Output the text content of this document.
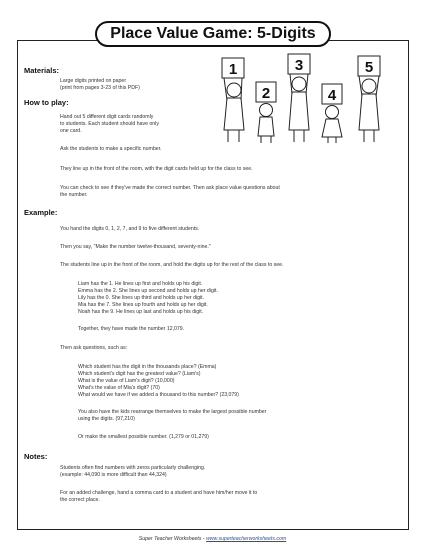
Place Value Game: 5-Digits
1
2
3
4
5
Materials:
Large digits printed on paper
(print from pages 3-23 of this PDF)
How to play:
Hand out 5 different digit cards randomly
to students. Each student should have only
one card.
Ask the students to make a specific number.
They line up in the front of the room, with the digit cards held up for the class to see.
You can check to see if they've made the correct number. Then ask place value questions about
the number.
Example:
You hand the digits 0, 1, 2, 7, and 9 to five different students.
Then you say, "Make the number twelve-thousand, seventy-nine."
The students line up in the front of the room, and hold the digits up for the rest of the class to see.
Liam has the 1. He lines up first and holds up his digit.
Emma has the 2. She lines up second and holds up her digit.
Lily has the 0. She lines up third and holds up her digit.
Mia has the 7. She lines up fourth and holds up her digit.
Noah has the 9. He lines up last and holds up his digit.
Together, they have made the number 12,079.
Then ask questions, such as:
Which student has the digit in the thousands place? (Emma)
Which student's digit has the greatest value? (Liam's)
What is the value of Liam's digit? (10,000)
What's the value of Mia's digit? (70)
What would we have if we added a thousand to this number? (23,079)
You also have the kids rearrange themselves to make the largest possible number
using the digits. (97,210)
Or make the smallest possible number. (1,279 or 01,279)
Notes:
Students often find numbers with zeros particularly challenging.
(example: 44,090 is more difficult than 44,324)
For an added challenge, hand a comma card to a student and have him/her move it to
the correct place.
Super Teacher Worksheets - www.superteacherworksheets.com
